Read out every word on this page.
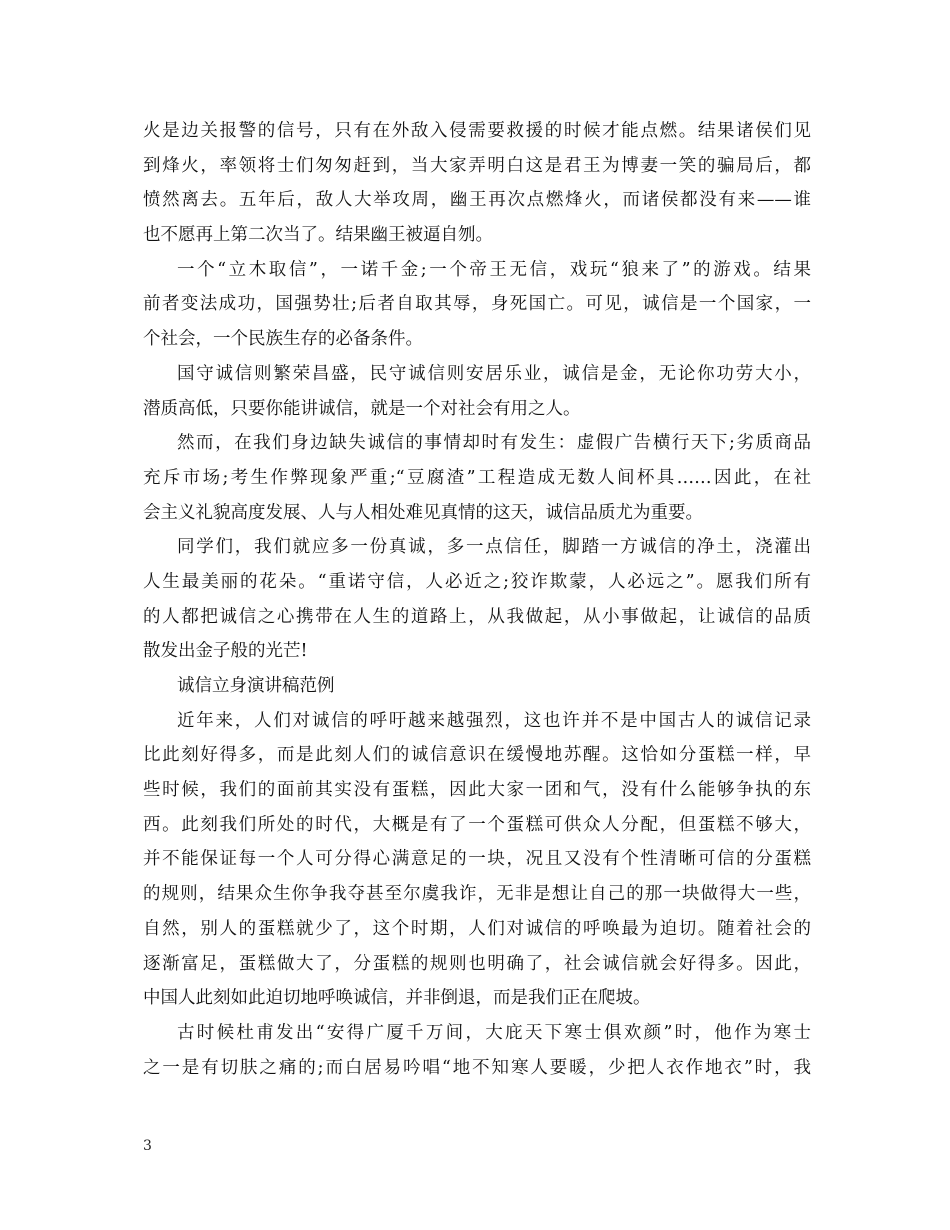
火是边关报警的信号，只有在外敌入侵需要救援的时候才能点燃。结果诸侯们见
到烽火，率领将士们匆匆赶到，当大家弄明白这是君王为博妻一笑的骗局后，都
愤然离去。五年后，敌人大举攻周，幽王再次点燃烽火，而诸侯都没有来——谁
也不愿再上第二次当了。结果幽王被逼自刎。
一个“立木取信”，一诺千金;一个帝王无信，戏玩“狼来了”的游戏。结果
前者变法成功，国强势壮;后者自取其辱，身死国亡。可见，诚信是一个国家，一
个社会，一个民族生存的必备条件。
国守诚信则繁荣昌盛，民守诚信则安居乐业，诚信是金，无论你功劳大小，
潜质高低，只要你能讲诚信，就是一个对社会有用之人。
然而，在我们身边缺失诚信的事情却时有发生：虚假广告横行天下;劣质商品
充斥市场;考生作弊现象严重;“豆腐渣”工程造成无数人间杯具……因此，在社
会主义礼貌高度发展、人与人相处难见真情的这天，诚信品质尤为重要。
同学们，我们就应多一份真诚，多一点信任，脚踏一方诚信的净土，浇灌出
人生最美丽的花朵。“重诺守信，人必近之;狡诈欺蒙，人必远之”。愿我们所有
的人都把诚信之心携带在人生的道路上，从我做起，从小事做起，让诚信的品质
散发出金子般的光芒!
诚信立身演讲稿范例
近年来，人们对诚信的呼吁越来越强烈，这也许并不是中国古人的诚信记录
比此刻好得多，而是此刻人们的诚信意识在缓慢地苏醒。这恰如分蛋糕一样，早
些时候，我们的面前其实没有蛋糕，因此大家一团和气，没有什么能够争执的东
西。此刻我们所处的时代，大概是有了一个蛋糕可供众人分配，但蛋糕不够大，
并不能保证每一个人可分得心满意足的一块，况且又没有个性清晰可信的分蛋糕
的规则，结果众生你争我夺甚至尔虞我诈，无非是想让自己的那一块做得大一些，
自然，别人的蛋糕就少了，这个时期，人们对诚信的呼唤最为迫切。随着社会的
逐渐富足，蛋糕做大了，分蛋糕的规则也明确了，社会诚信就会好得多。因此，
中国人此刻如此迫切地呼唤诚信，并非倒退，而是我们正在爬坡。
古时候杜甫发出“安得广厦千万间，大庇天下寒士俱欢颜”时，他作为寒士
之一是有切肤之痛的;而白居易吟唱“地不知寒人要暖，少把人衣作地衣”时，我
3
